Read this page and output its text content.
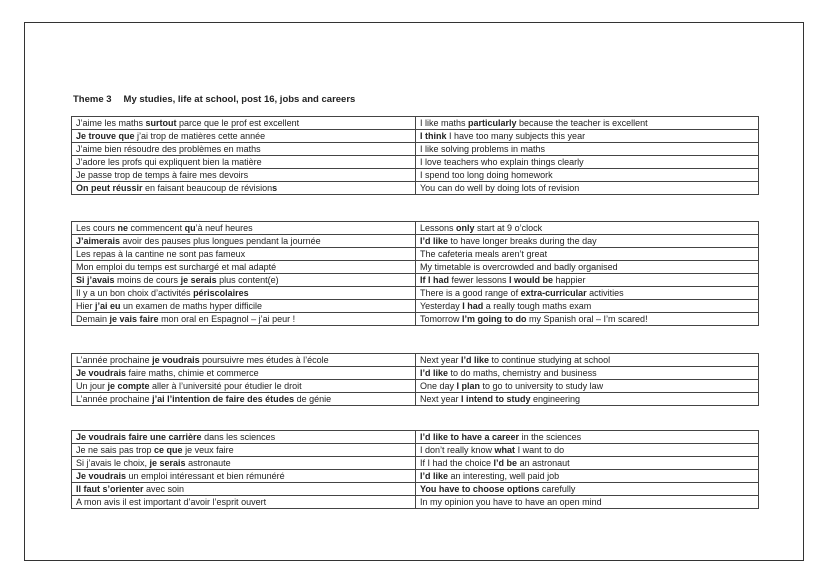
Theme 3 My studies, life at school, post 16, jobs and careers
J’aime les maths surtout parce que le prof est excellent	I like maths particularly because the teacher is excellent
Je trouve que j’ai trop de matières cette année	I think I have too many subjects this year
J’aime bien résoudre des problèmes en maths	I like solving problems in maths
J’adore les profs qui expliquent bien la matière	I love teachers who explain things clearly
Je passe trop de temps à faire mes devoirs	I spend too long doing homework
On peut réussir en faisant beaucoup de révisions	You can do well by doing lots of revision
Les cours ne commencent qu’à neuf heures	Lessons only start at 9 o’clock
J’aimerais avoir des pauses plus longues pendant la journée	I’d like to have longer breaks during the day
Les repas à la cantine ne sont pas fameux	The cafeteria meals aren’t great
Mon emploi du temps est surchargé et mal adapté	My timetable is overcrowded and badly organised
Si j’avais moins de cours je serais plus content(e)	If I had fewer lessons I would be happier
Il y a un bon choix d’activités périscolaires	There is a good range of extra-curricular activities
Hier j’ai eu un examen de maths hyper difficile	Yesterday I had a really tough maths exam
Demain je vais faire mon oral en Espagnol – j’ai peur !	Tomorrow I’m going to do my Spanish oral – I’m scared!
L’année prochaine je voudrais poursuivre mes études à l’école	Next year I’d like to continue studying at school
Je voudrais faire maths, chimie et commerce	I’d like to do maths, chemistry and business
Un jour je compte aller à l’université pour étudier le droit	One day I plan to go to university to study law
L’année prochaine j’ai l’intention de faire des études de génie	Next year I intend to study engineering
Je voudrais faire une carrière dans les sciences	I’d like to have a career in the sciences
Je ne sais pas trop ce que je veux faire	I don’t really know what I want to do
Si j’avais le choix, je serais astronaute	If I had the choice I’d be an astronaut
Je voudrais un emploi intéressant et bien rémunéré	I’d like an interesting, well paid job
Il faut s’orienter avec soin	You have to choose options carefully
A mon avis il est important d’avoir l’esprit ouvert	In my opinion you have to have an open mind
